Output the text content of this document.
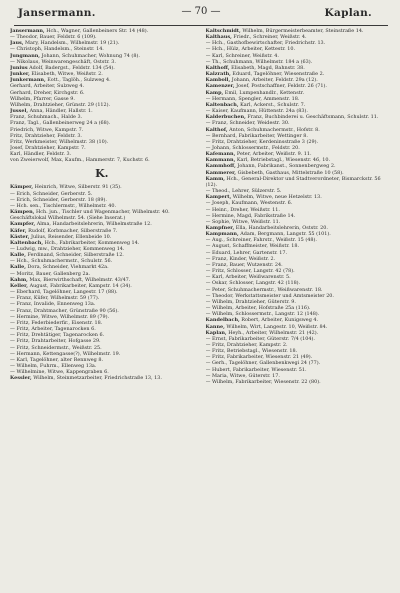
Jansermann.	— 70 —	Kaplan.

Jansermann, Hch., Wagner, Gallenbeiners Str. 14 (48).

— Theodor, Bauer, Feldstr. 6 (109).

Jaus, Mary, Handelsm., Wilhelmstr. 19 (21).

— Christoph, Handelsm., Steinstr. 14.

Jungmann, Johann, Schuhmacher, Wohnung 74 (8).

— Nikolaus, Weinwarengeschäft, Oststr. 3.

Junius Adolf, Badergst., Feldstr. 134 (54).

Junker, Elisabeth, Witwe, Weißstr. 2.

Junkermann, Eott., Taglöh., Sulzweg 4.

Gerhard, Arbeiter, Sulzweg 4.

Gerhard, Dreher, Kirchgstr. 6.

Wilhelm, Pfarrer, Gasse 9.

Wilhelm, Drahtzieher, Grünstr. 29 (112).

Jussel, Anna, Händler, Hallstr. 1.

Franz, Schuhmach., Halde 3.

Franz, Tagl., Gallenbeinerweg 24 a (68).

Friedrich, Witwe, Kampstr. 7.

Fritz, Drahtzieher, Feldstr. 3.

Fritz, Werkmeister, Wilhelmstr. 38 (10).

Josef, Drahtzieher, Kampstr. 7.

Karl, Händler, Feldstr. 3.

von Zweierwolf, Max, Kaufm., Hammerstr. 7, Kuchstr. 6.

K.

Kämper, Heinrich, Witwe, Silberstr. 91 (35).

— Erich, Schneider, Gerberstr. 5.

— Erich, Schneider, Gerberstr. 18 (89).

— Hch. sen., Tischlermstr., Wilhelmstr. 40.

Kämpen, Hch. jun., Tischler und Wagenmacher, Wilhelmstr. 40. Geschäftslokal Wilhelmstr. 54. (Siehe Inserat.)

Kampfer, Alma, Handarbeitslehrerin, Wilhelmstraße 12.

Käfer, Rudolf, Korbmacher, Silberstraße 7.

Käster, Julius, Reisender, Ellenbeide 10.

Kaltenbach, Hch., Fabrikarbeiter, Kommenweg 14.

— Ludwig, mw., Drahtzieher, Kommenweg 14.

Kalle, Ferdinand, Schneider, Silberstraße 12.

— Hch., Schuhmachermstr., Schulstr. 56.

Kalle, Dora, Schneider, Viehmarkt 42a.

— Moritz, Bauer, Gallenberg 2a.

Kahm, Max, Bierwirthschaft, Wilhelmstr. 43/47.

Keller, August, Fabrikarbeiter, Kampstr. 14 (34).

— Eberhard, Tagelöhner, Langestr. 17 (88).

— Franz, Küfer, Wilhelmstr. 59 (77).

— Franz, Invalide, Ennenweg 13a.

— Franz, Drahtmacher, Grünstraße 90 (56).

— Hermine, Witwe, Wilhelmstr. 89 (79).

— Fritz, Federbiederfir., Eisenstr. 18.

— Fritz, Arbeiter, Tagenarocken 6.

— Fritz, Drehtätiger, Tagenarocken 6.

— Fritz, Drahtarbeiter, Hofgasse 29.

— Fritz, Schneidermstr., Weißstr. 25.

— Hermann, Kettengasse(?), Wilhelmstr. 19.

— Karl, Tagelöhner, alter Rennweg 8.

— Wilhelm, Fuhrm., Ellenweg 13a.

— Wilhelmine, Witwe, Kappengraben 6.

Kessler, Wilhelm, Steinmetzarbeiter, Friedrichstraße 13, 13.

Kaltschmidt, Wilhelm, Bürgermeisterbeamter, Steinstraße 14.

Kalthaus, Friedr., Schreiner, Weißstr. 4.

— Hch., Gasthofbewirtschafter, Friedrichstr. 13.

— Hch., Hülz, Arbeiter, Kettestr. 10.

— Karl, Schreiner, Weißstr. 4.

— Th., Schuhmann, Wilhelmstr. 184 a (63).

Kalthoff, Elisabeth, Magd, Bahnstr. 38.

Kalzrath, Eduard, Tagelöhner, Wiesenstraße 2.

Kamboll, Johann, Arbeiter, Feldstr. 29a (12).

Kamenzer, Josef, Postschaffner, Feldstr. 26 (71).

Kamp, Emil, Lumpenhandlr., Kettenstr.

— Hermann, Spengler, Ammenstr. 18.

Kaltenbach, Karl, Ackerst., Schulstr. 7.

— Kaiser, Kaufmann, Hüttenstr. 24a (83).

Kalderbuchen, Franz, Buchbinderei u. Geschäftsmann, Schulstr. 11.

— Franz, Schneider, Weidestr. 30.

Kalthof, Anton, Schuhmachermstr., Hofstr. 8.

— Bernhard, Fabrikarbeiter, Wettinger 8.

— Fritz, Drahtzieher, Kerdeninsstraße 3 (29).

— Johann, Schlossermstr., Feldstr. 20.

Kafemann, Peter, Arbeiter, Weißstr. 9. 11.

Kammann, Karl, Betriebstagl., Wiesenstr. 46, 10.

Kammhoff, Johann, Fabrikanst., Sonnenbergweg 2.

Kammerer, Gisbebeth, Gasthaus, Mittelstraße 10 (58).

Kamm, Hch., General-Direktor und Stadtverordneter, Bismarckstr. 56 (12).

— Theod., Lehrer, Sülzerstr. 5.

Kampert, Wilhelm, Witwe, neue Hetzelstr. 13.

— Joseph, Kaufmann, Westenstr. 6.

— Heinr., Dreher, Weißstr. 11.

— Hermine, Magd, Fabrikstraße 14.

— Sophie, Witwe, Weißstr. 11.

Kampfner, Ella, Handarbeitslehrerin, Oststr. 20.

Kampmann, Adam, Bergmann, Langstr. 55 (101).

— Aug., Schreiner, Fahrstr., Weißstr. 15 (48).

— August, Schaffmeister, Weißstr. 18.

— Eduard, Lehrer, Gartenstr. 17.

— Franz, Kinder, Weißstr. 2.

— Franz, Bauer, Wutzenstr. 24.

— Fritz, Schlosser, Langstr. 42 (78).

— Karl, Arbeiter, Weißwarenstr. 5.

— Oskar, Schlosser, Langstr. 42 (118).

— Peter, Schuhmachermstr., Weißwarenstr. 18.

— Theodor, Werkstattsmeister und Amtsmeister 20.

— Wilhelm, Drahtzieher, Güterstr. 9.

— Wilhelm, Arbeiter, Hofstraße 25a (116).

— Wilhelm, Schlossermstr., Langstr. 12 (148).

Kandelbach, Robert, Arbeiter, Kunigsweg 4.

Kanne, Wilhelm, Wirt, Langestr. 10, Weißstr. 84.

Kaplan, Heyh., Arbeiter, Wilhelmstr. 21 (42).

— Ernst, Fabrikarbeiter, Güterstr. 7/4 (104).

— Fritz, Drahtzieher, Kampstr. 2.

— Fritz, Betriebstagl., Wiesenstr. 18.

— Fritz, Fabrikarbeiter, Wiesenstr. 21 (49).

— Gerh., Tagelöhner, Gallenbenkwegi 24 (77).

— Hubert, Fabrikarbeiter, Wiesenstr. 51.

— Maria, Witwe, Güterstr. 17.

— Wilhelm, Fabrikarbeiter, Wiesenstr. 22 (80).
